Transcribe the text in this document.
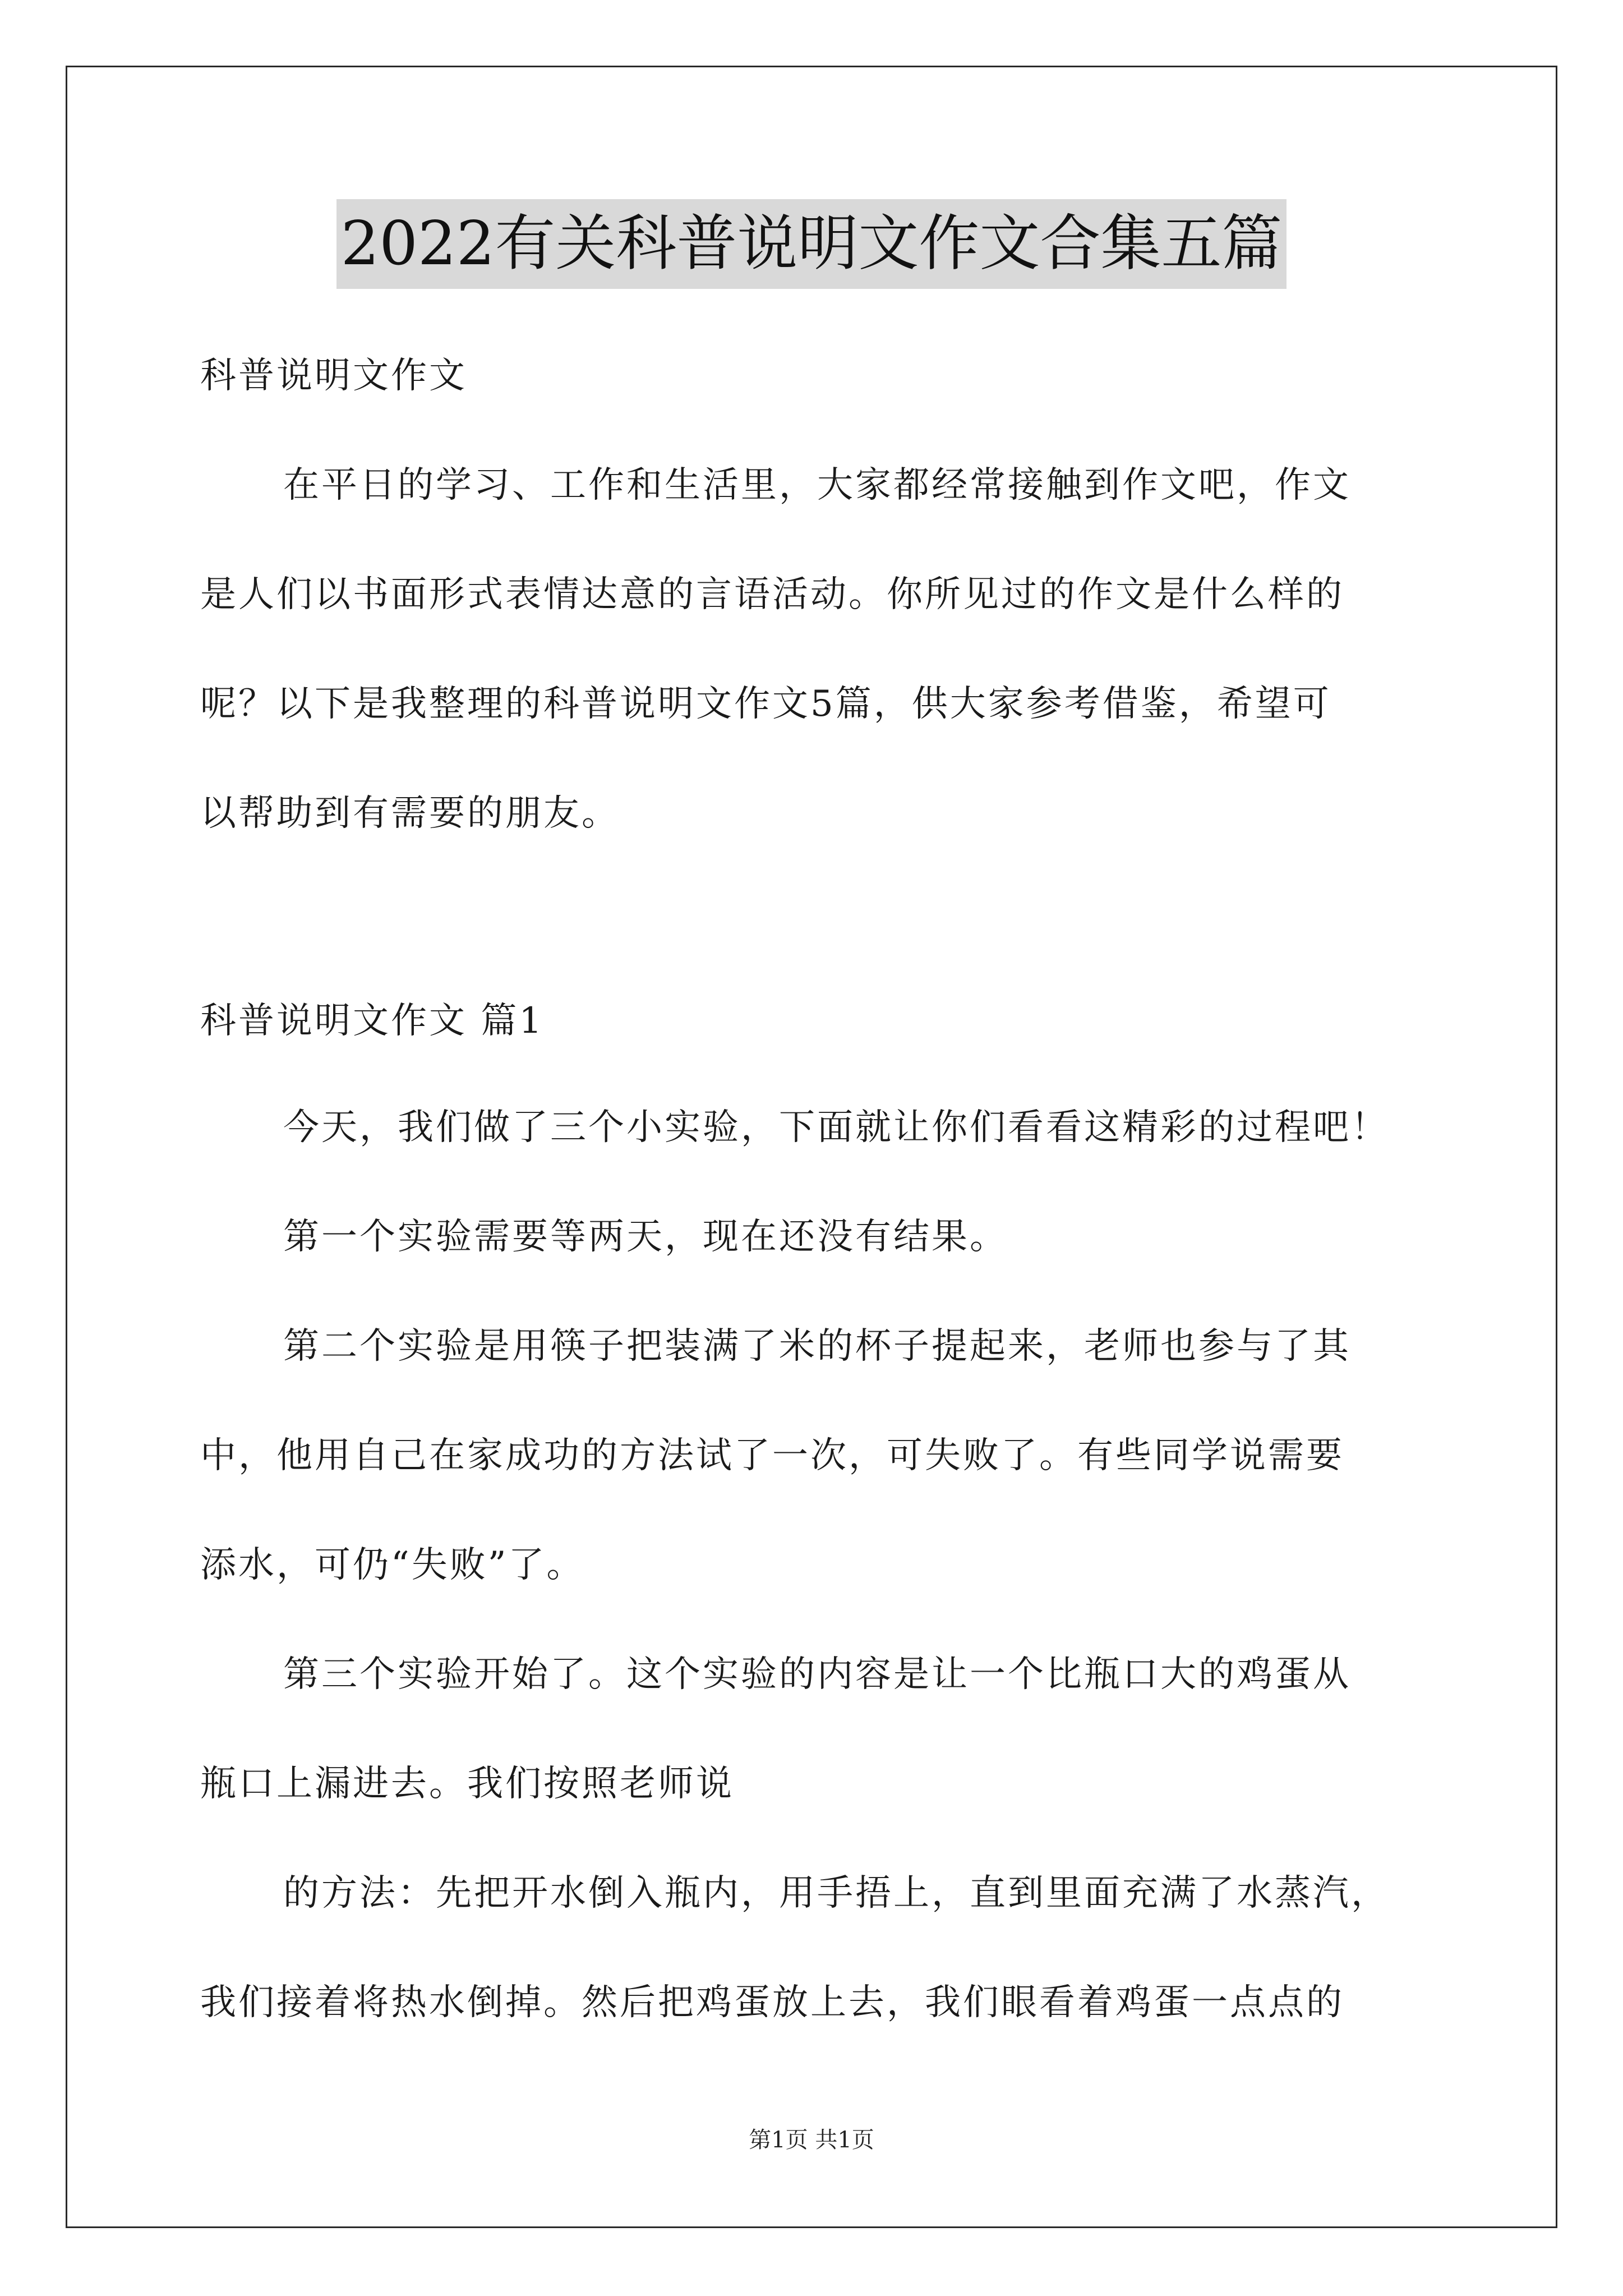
2022有关科普说明文作文合集五篇
科普说明文作文
在平日的学习、工作和生活里，大家都经常接触到作文吧，作文
是人们以书面形式表情达意的言语活动。你所见过的作文是什么样的
呢？以下是我整理的科普说明文作文5篇，供大家参考借鉴，希望可
以帮助到有需要的朋友。
科普说明文作文 篇1
今天，我们做了三个小实验，下面就让你们看看这精彩的过程吧！
第一个实验需要等两天，现在还没有结果。
第二个实验是用筷子把装满了米的杯子提起来，老师也参与了其
中，他用自己在家成功的方法试了一次，可失败了。有些同学说需要
添水，可仍“失败”了。
第三个实验开始了。这个实验的内容是让一个比瓶口大的鸡蛋从
瓶口上漏进去。我们按照老师说
的方法：先把开水倒入瓶内，用手捂上，直到里面充满了水蒸汽，
我们接着将热水倒掉。然后把鸡蛋放上去，我们眼看着鸡蛋一点点的
第1页 共1页
